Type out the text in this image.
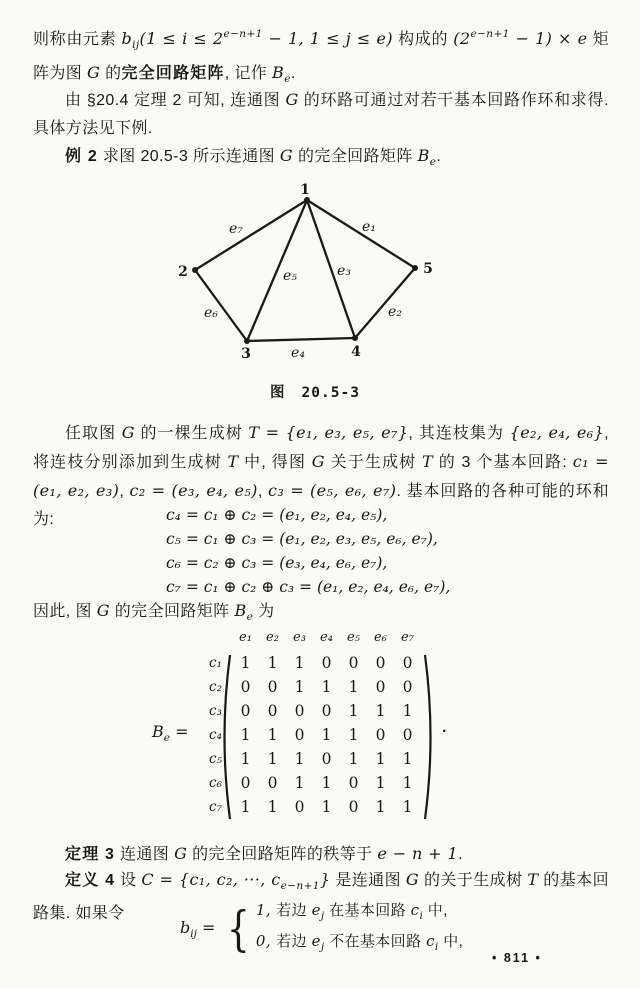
则称由元素 $b_{ij}(1 \le i \le 2^{e-n+1} - 1$, 1 ≤ j ≤ e) 构成的 $(2^{e-n+1} - 1) \times e$ 矩阵为图 G 的完全回路矩阵, 记作 $B_e$.
由 §20.4 定理 2 可知, 连通图 G 的环路可通过对若干基本回路作环和求得. 具体方法见下例.
例 2 求图 20.5-3 所示连通图 G 的完全回路矩阵 $B_e$.
e₇	e₁
e₅	e₃
e₆	e₂
e₄
1
2	5
3	4
图 20.5-3
任取图 G 的一棵生成树 T = {e₁, e₃, e₅, e₇}, 其连枝集为 {e₂, e₄, e₆}, 将连枝分别添加到生成树 T 中, 得图 G 关于生成树 T 的 3 个基本回路: c₁ = (e₁, e₂, e₃), c₂ = (e₃, e₄, e₅), c₃ = (e₅, e₆, e₇). 基本回路的各种可能的环和为:	c₄ = c₁ ⊕ c₂ = (e₁, e₂, e₄, e₅),
c₅ = c₁ ⊕ c₃ = (e₁, e₂, e₃, e₅, e₆, e₇),
c₆ = c₂ ⊕ c₃ = (e₃, e₄, e₆, e₇),
c₇ = c₁ ⊕ c₂ ⊕ c₃ = (e₁, e₂, e₄, e₆, e₇),
因此, 图 G 的完全回路矩阵 $B_e$ 为
$B_e$ =
e₁	e₂	e₃	e₄	e₅	e₆	e₇
c₁	1	1	1	0	0	0	0
c₂	0	0	1	1	1	0	0
c₃	0	0	0	0	1	1	1
c₄	1	1	0	1	1	0	0
c₅	1	1	1	0	1	1	1
c₆	0	0	1	1	0	1	1
c₇	1	1	0	1	0	1	1
.
定理 3 连通图 G 的完全回路矩阵的秩等于 e − n + 1.
定义 4 设 C = {c₁, c₂, ···, $c_{e-n+1}$} 是连通图 G 的关于生成树 T 的基本回路集. 如果令
$b_{ij}$ = { 1, 若边 $e_j$ 在基本回路 $c_i$ 中,
0, 若边 $e_j$ 不在基本回路 $c_i$ 中,
• 811 •
